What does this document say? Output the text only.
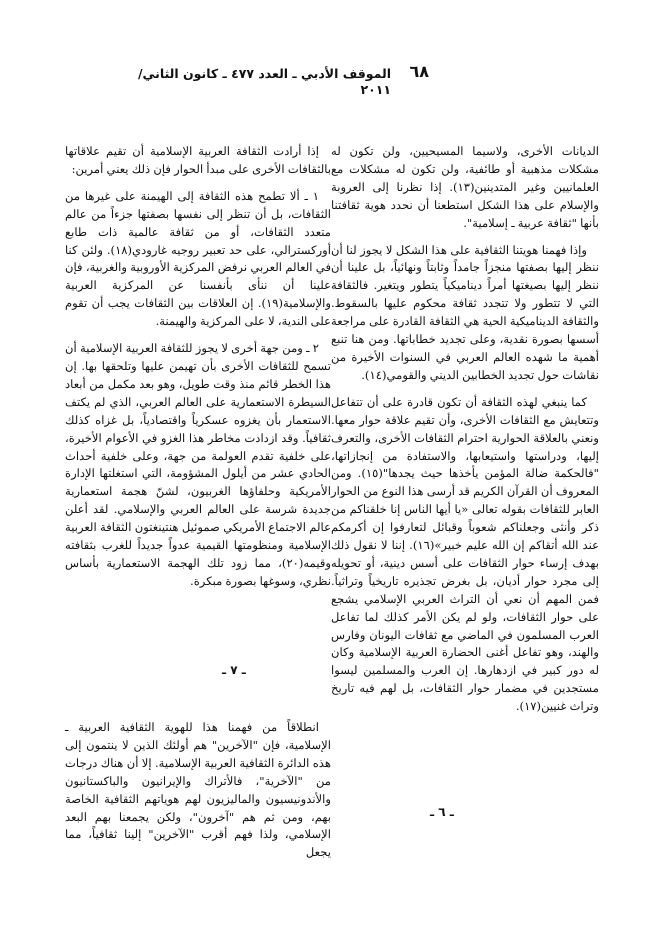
٦٨
الموقف الأدبي ـ العدد ٤٧٧ ـ كانون الثاني/
٢٠١١

الديانات الأخرى، ولاسيما المسيحيين، ولن تكون له مشكلات مذهبية أو طائفية، ولن تكون له مشكلات مع العلمانيين وغير المتدينين(١٣). إذا نظرنا إلى العروبة والإسلام على هذا الشكل استطعنا أن نحدد هوية ثقافتنا بأنها "ثقافة عربية ـ إسلامية".

وإذا فهمنا هويتنا الثقافية على هذا الشكل لا يجوز لنا أن ننظر إليها بصفتها منجزاً جامداً وثابتاً ونهائياً، بل علينا أن ننظر إليها بصيغتها أمراً ديناميكياً يتطور ويتغير. فالثقافة التي لا تتطور ولا تتجدد ثقافة محكوم عليها بالسقوط. والثقافة الديناميكية الحية هي الثقافة القادرة على مراجعة أسسها بصورة نقدية، وعلى تجديد خطاباتها. ومن هنا تنبع أهمية ما شهده العالم العربي في السنوات الأخيرة من نقاشات حول تجديد الخطابين الديني والقومي(١٤).

كما ينبغي لهذه الثقافة أن تكون قادرة على أن تتفاعل وتتعايش مع الثقافات الأخرى، وأن تقيم علاقة حوار معها. ونعني بالعلاقة الحوارية احترام الثقافات الأخرى، والتعرف إليها، ودراستها واستيعابها، والاستفادة من إنجازاتها، "فالحكمة ضالة المؤمن يأخذها حيث يجدها"(١٥). ومن المعروف أن القرآن الكريم قد أرسى هذا النوع من الحوار العابر للثقافات بقوله تعالى «يا أيها الناس إنا خلقناكم من ذكر وأنثى وجعلناكم شعوباً وقبائل لتعارفوا إن أكرمكم عند الله أتقاكم إن الله عليم خبير»(١٦). إننا لا نقول ذلك بهدف إرساء حوار الثقافات على أسس دينية، أو تحويله إلى مجرد حوار أديان، بل بغرض تجذيره تاريخياً وتراثياً. فمن المهم أن نعي أن التراث العربي الإسلامي يشجع على حوار الثقافات، ولو لم يكن الأمر كذلك لما تفاعل العرب المسلمون في الماضي مع ثقافات اليونان وفارس والهند، وهو تفاعل أغنى الحضارة العربية الإسلامية وكان له دور كبير في ازدهارها. إن العرب والمسلمين ليسوا مستجدين في مضمار حوار الثقافات، بل لهم فيه تاريخ وتراث غنيين(١٧).

ـ ٦ ـ

إذا أرادت الثقافة العربية الإسلامية أن تقيم علاقاتها بالثقافات الأخرى على مبدأ الحوار فإن ذلك يعني أمرين:

١ ـ ألا تطمح هذه الثقافة إلى الهيمنة على غيرها من الثقافات، بل أن تنظر إلى نفسها بصفتها جزءاً من عالم متعدد الثقافات، أو من ثقافة عالمية ذات طابع أوركسترالي، على حد تعبير روجيه غارودي(١٨). ولئن كنا في العالم العربي نرفض المركزية الأوروبية والغربية، فإن علينا أن ننأى بأنفسنا عن المركزية العربية والإسلامية(١٩). إن العلاقات بين الثقافات يجب أن تقوم على الندية، لا على المركزية والهيمنة.

٢ ـ ومن جهة أخرى لا يجوز للثقافة العربية الإسلامية أن تسمح للثقافات الأخرى بأن تهيمن عليها وتلحقها بها. إن هذا الخطر قائم منذ وقت طويل، وهو بعد مكمل من أبعاد السيطرة الاستعمارية على العالم العربي، الذي لم يكتف الاستعمار بأن يغزوه عسكرياً واقتصادياً، بل غزاه كذلك ثقافياً. وقد ازدادت مخاطر هذا الغزو في الأعوام الأخيرة، على خلفية تقدم العولمة من جهة، وعلى خلفية أحداث الحادي عشر من أيلول المشؤومة، التي استغلتها الإدارة الأمريكية وحلفاؤها الغربيون، لشنّ هجمة استعمارية جديدة شرسة على العالم العربي والإسلامي. لقد أعلن عالم الاجتماع الأمريكي صموئيل هنتينغتون الثقافة العربية الإسلامية ومنظومتها القيمية عدواً جديداً للغرب بثقافته وقيمه(٢٠)، مما زود تلك الهجمة الاستعمارية بأساس نظري، وسوغها بصورة مبكرة.

ـ ٧ ـ

انطلاقاً من فهمنا هذا للهوية الثقافية العربية ـ الإسلامية، فإن "الآخرين" هم أولئك الذين لا ينتمون إلى هذه الدائرة الثقافية العربية الإسلامية. إلا أن هناك درجات من "الآخرية"، فالأتراك والإيرانيون والباكستانيون والأندونيسيون والماليزيون لهم هوياتهم الثقافية الخاصة بهم، ومن ثم هم "آخرون"، ولكن يجمعنا بهم البعد الإسلامي، ولذا فهم أقرب "الآخرين" إلينا ثقافياً، مما يجعل
